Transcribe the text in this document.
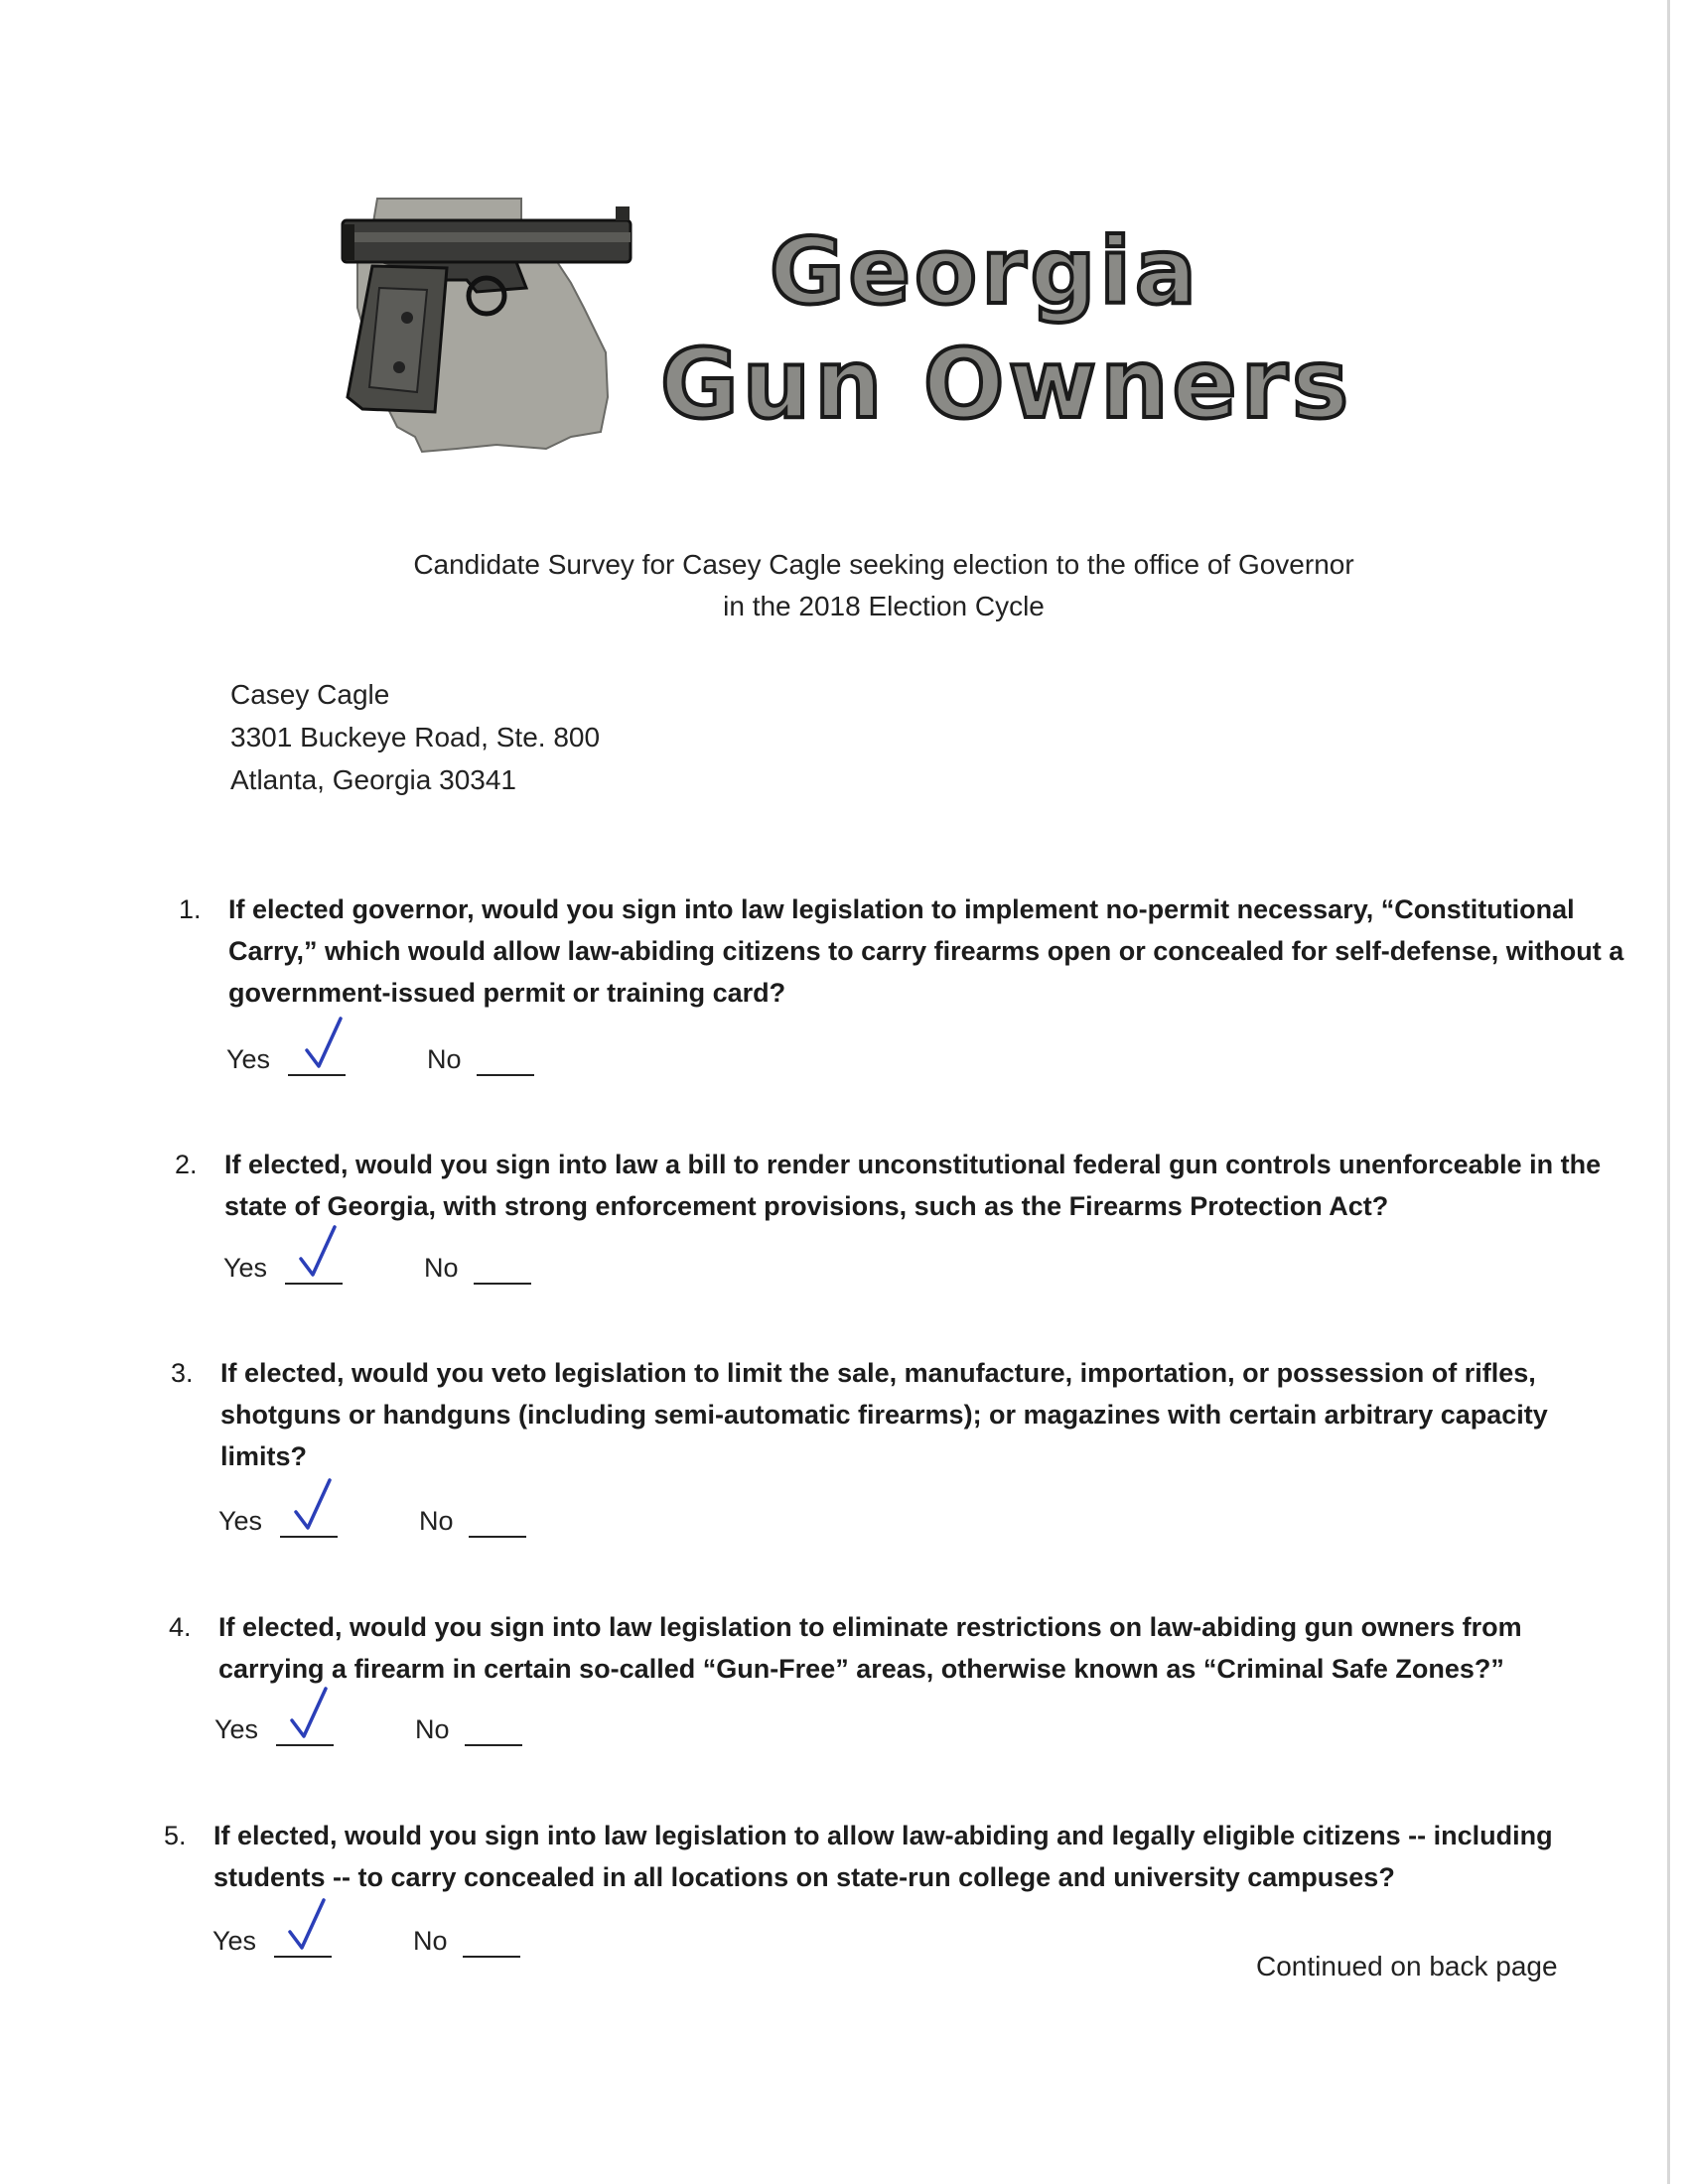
Georgia
Gun Owners
Candidate Survey for Casey Cagle seeking election to the office of Governor
in the 2018 Election Cycle
Casey Cagle
3301 Buckeye Road, Ste. 800
Atlanta, Georgia 30341
1. If elected governor, would you sign into law legislation to implement no-permit necessary, “Constitutional Carry,” which would allow law-abiding citizens to carry firearms open or concealed for self-defense, without a government-issued permit or training card?
Yes	No
2. If elected, would you sign into law a bill to render unconstitutional federal gun controls unenforceable in the state of Georgia, with strong enforcement provisions, such as the Firearms Protection Act?
Yes	No
3. If elected, would you veto legislation to limit the sale, manufacture, importation, or possession of rifles, shotguns or handguns (including semi-automatic firearms); or magazines with certain arbitrary capacity limits?
Yes	No
4. If elected, would you sign into law legislation to eliminate restrictions on law-abiding gun owners from carrying a firearm in certain so-called “Gun-Free” areas, otherwise known as “Criminal Safe Zones?”
Yes	No
5. If elected, would you sign into law legislation to allow law-abiding and legally eligible citizens -- including students -- to carry concealed in all locations on state-run college and university campuses?
Yes	No
Continued on back page
